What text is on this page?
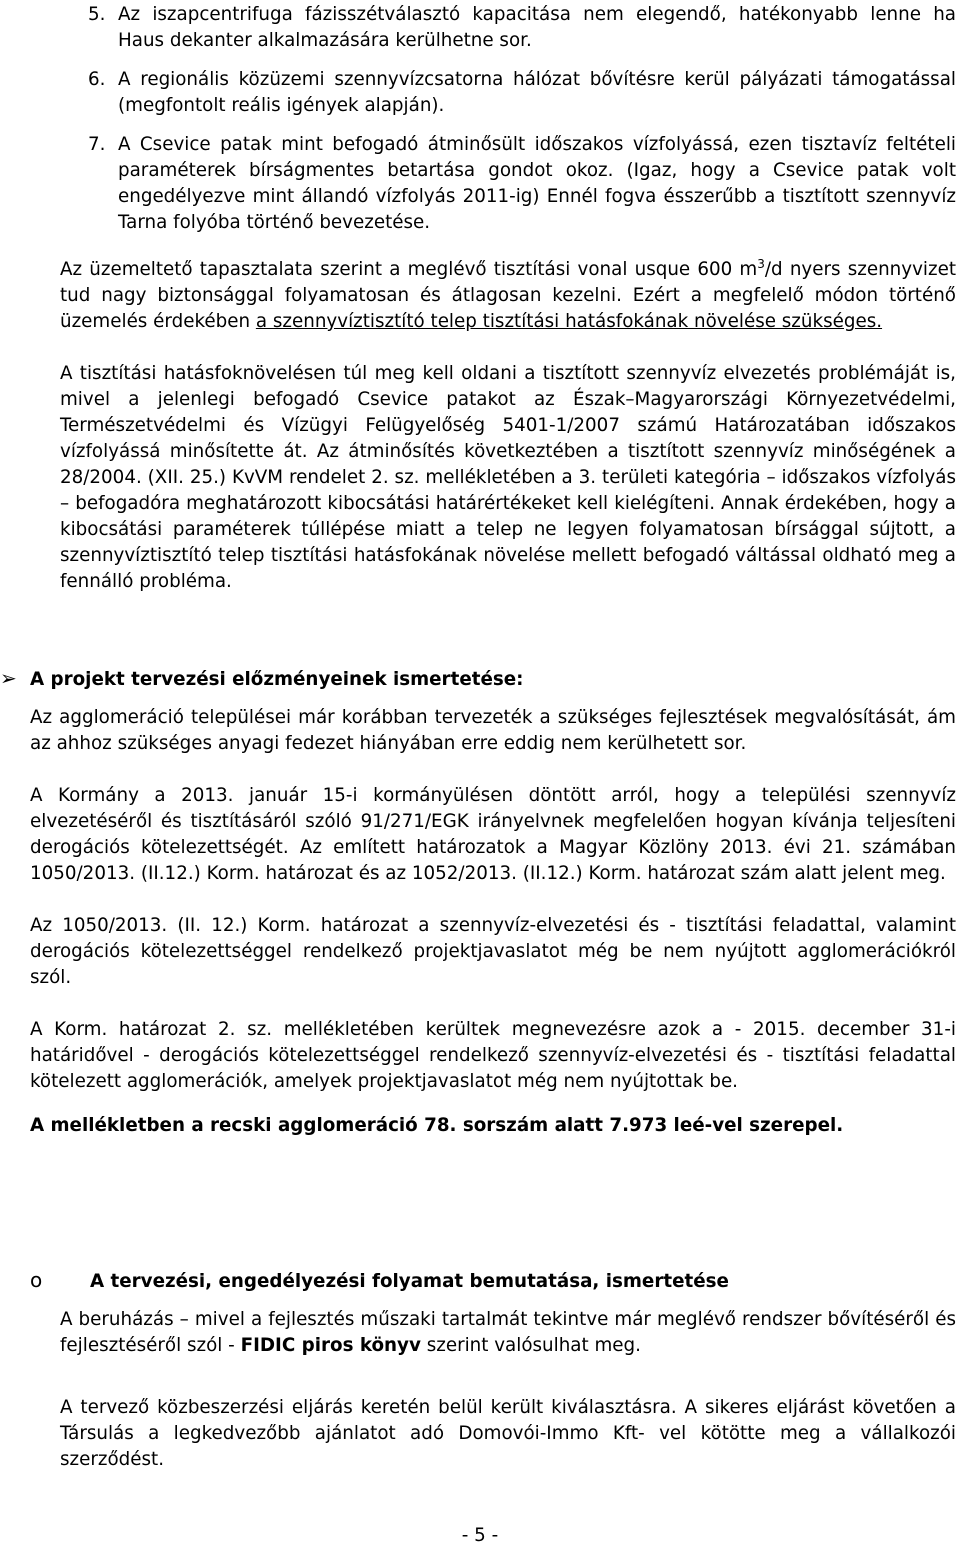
5. Az iszapcentrifuga fázisszétválasztó kapacitása nem elegendő, hatékonyabb lenne ha Haus dekanter alkalmazására kerülhetne sor.
6. A regionális közüzemi szennyvízcsatorna hálózat bővítésre kerül pályázati támogatással (megfontolt reális igények alapján).
7. A Csevice patak mint befogadó átminősült időszakos vízfolyássá, ezen tisztavíz feltételi paraméterek bírságmentes betartása gondot okoz. (Igaz, hogy a Csevice patak volt engedélyezve mint állandó vízfolyás 2011-ig) Ennél fogva ésszerűbb a tisztított szennyvíz Tarna folyóba történő bevezetése.

Az üzemeltető tapasztalata szerint a meglévő tisztítási vonal usque 600 $m^3/d$ nyers szennyvizet tud nagy biztonsággal folyamatosan és átlagosan kezelni. Ezért a megfelelő módon történő üzemelés érdekében a szennyvíztisztító telep tisztítási hatásfokának növelése szükséges.

A tisztítási hatásfoknövelésen túl meg kell oldani a tisztított szennyvíz elvezetés problémáját is, mivel a jelenlegi befogadó Csevice patakot az Észak–Magyarországi Környezetvédelmi, Természetvédelmi és Vízügyi Felügyelőség 5401-1/2007 számú Határozatában időszakos vízfolyássá minősítette át. Az átminősítés következtében a tisztított szennyvíz minőségének a 28/2004. (XII. 25.) KvVM rendelet 2. sz. mellékletében a 3. területi kategória – időszakos vízfolyás – befogadóra meghatározott kibocsátási határértékeket kell kielégíteni. Annak érdekében, hogy a kibocsátási paraméterek túllépése miatt a telep ne legyen folyamatosan bírsággal sújtott, a szennyvíztisztító telep tisztítási hatásfokának növelése mellett befogadó váltással oldható meg a fennálló probléma.

➢ A projekt tervezési előzményeinek ismertetése:

Az agglomeráció települései már korábban tervezeték a szükséges fejlesztések megvalósítását, ám az ahhoz szükséges anyagi fedezet hiányában erre eddig nem kerülhetett sor.

A Kormány a 2013. január 15-i kormányülésen döntött arról, hogy a települési szennyvíz elvezetéséről és tisztításáról szóló 91/271/EGK irányelvnek megfelelően hogyan kívánja teljesíteni derogációs kötelezettségét. Az említett határozatok a Magyar Közlöny 2013. évi 21. számában 1050/2013. (II.12.) Korm. határozat és az 1052/2013. (II.12.) Korm. határozat szám alatt jelent meg.

Az 1050/2013. (II. 12.) Korm. határozat a szennyvíz-elvezetési és - tisztítási feladattal, valamint derogációs kötelezettséggel rendelkező projektjavaslatot még be nem nyújtott agglomerációkról szól.

A Korm. határozat 2. sz. mellékletében kerültek megnevezésre azok a - 2015. december 31-i határidővel - derogációs kötelezettséggel rendelkező szennyvíz-elvezetési és - tisztítási feladattal kötelezett agglomerációk, amelyek projektjavaslatot még nem nyújtottak be.

A mellékletben a recski agglomeráció 78. sorszám alatt 7.973 leé-vel szerepel.

o	A tervezési, engedélyezési folyamat bemutatása, ismertetése

A beruházás – mivel a fejlesztés műszaki tartalmát tekintve már meglévő rendszer bővítéséről és fejlesztéséről szól - FIDIC piros könyv szerint valósulhat meg.

A tervező közbeszerzési eljárás keretén belül került kiválasztásra. A sikeres eljárást követően a Társulás a legkedvezőbb ajánlatot adó Domovói-Immo Kft- vel kötötte meg a vállalkozói szerződést.

- 5 -
